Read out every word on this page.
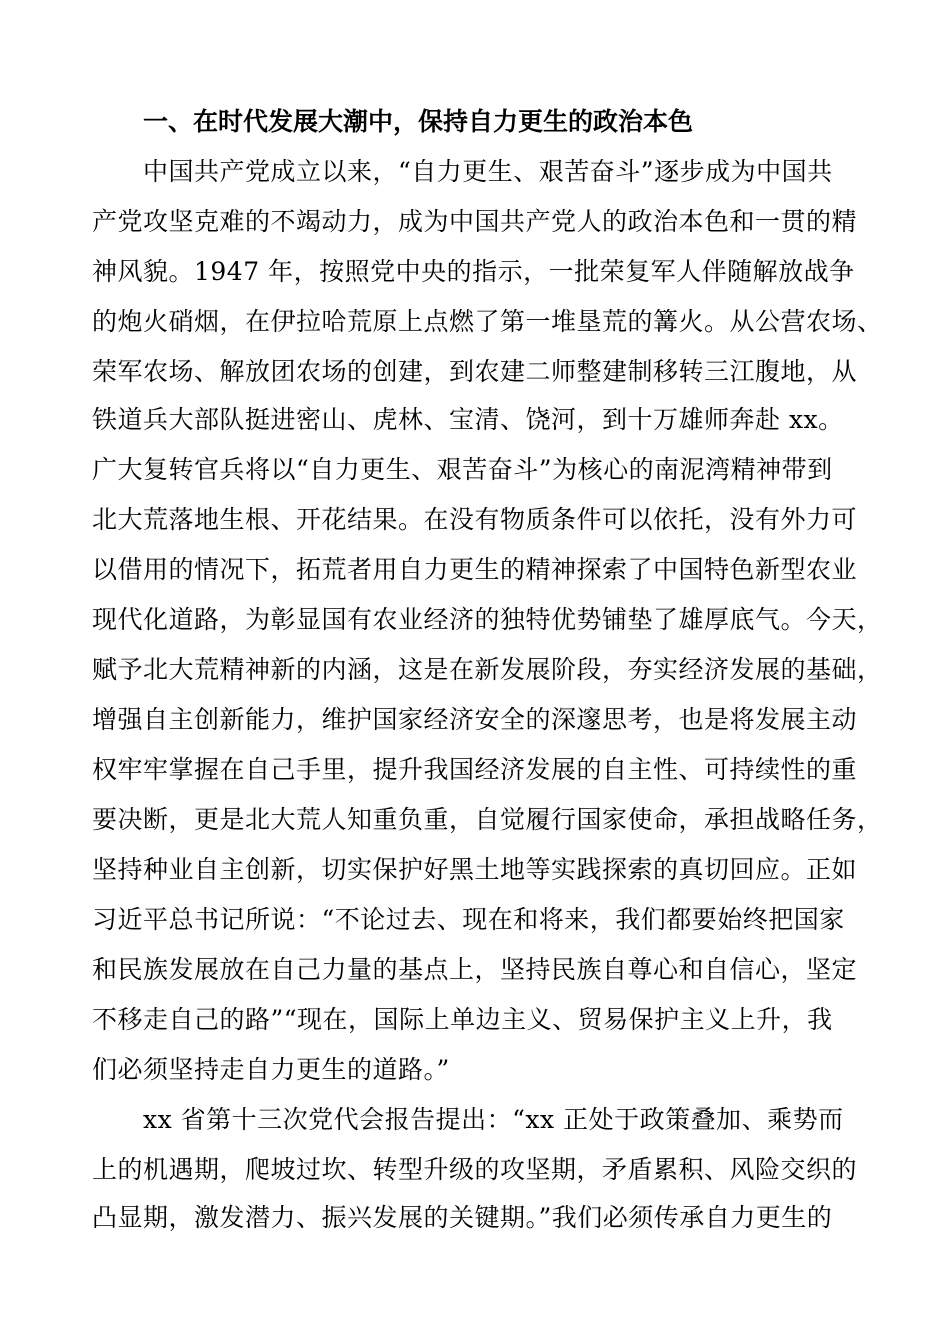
一、在时代发展大潮中，保持自力更生的政治本色
中国共产党成立以来，“自力更生、艰苦奋斗”逐步成为中国共
产党攻坚克难的不竭动力，成为中国共产党人的政治本色和一贯的精
神风貌。1947 年，按照党中央的指示，一批荣复军人伴随解放战争
的炮火硝烟，在伊拉哈荒原上点燃了第一堆垦荒的篝火。从公营农场、
荣军农场、解放团农场的创建，到农建二师整建制移转三江腹地，从
铁道兵大部队挺进密山、虎林、宝清、饶河，到十万雄师奔赴 xx。
广大复转官兵将以“自力更生、艰苦奋斗”为核心的南泥湾精神带到
北大荒落地生根、开花结果。在没有物质条件可以依托，没有外力可
以借用的情况下，拓荒者用自力更生的精神探索了中国特色新型农业
现代化道路，为彰显国有农业经济的独特优势铺垫了雄厚底气。今天，
赋予北大荒精神新的内涵，这是在新发展阶段，夯实经济发展的基础，
增强自主创新能力，维护国家经济安全的深邃思考，也是将发展主动
权牢牢掌握在自己手里，提升我国经济发展的自主性、可持续性的重
要决断，更是北大荒人知重负重，自觉履行国家使命，承担战略任务，
坚持种业自主创新，切实保护好黑土地等实践探索的真切回应。正如
习近平总书记所说：“不论过去、现在和将来，我们都要始终把国家
和民族发展放在自己力量的基点上，坚持民族自尊心和自信心，坚定
不移走自己的路”“现在，国际上单边主义、贸易保护主义上升，我
们必须坚持走自力更生的道路。”
xx 省第十三次党代会报告提出：“xx 正处于政策叠加、乘势而
上的机遇期，爬坡过坎、转型升级的攻坚期，矛盾累积、风险交织的
凸显期，激发潜力、振兴发展的关键期。”我们必须传承自力更生的
